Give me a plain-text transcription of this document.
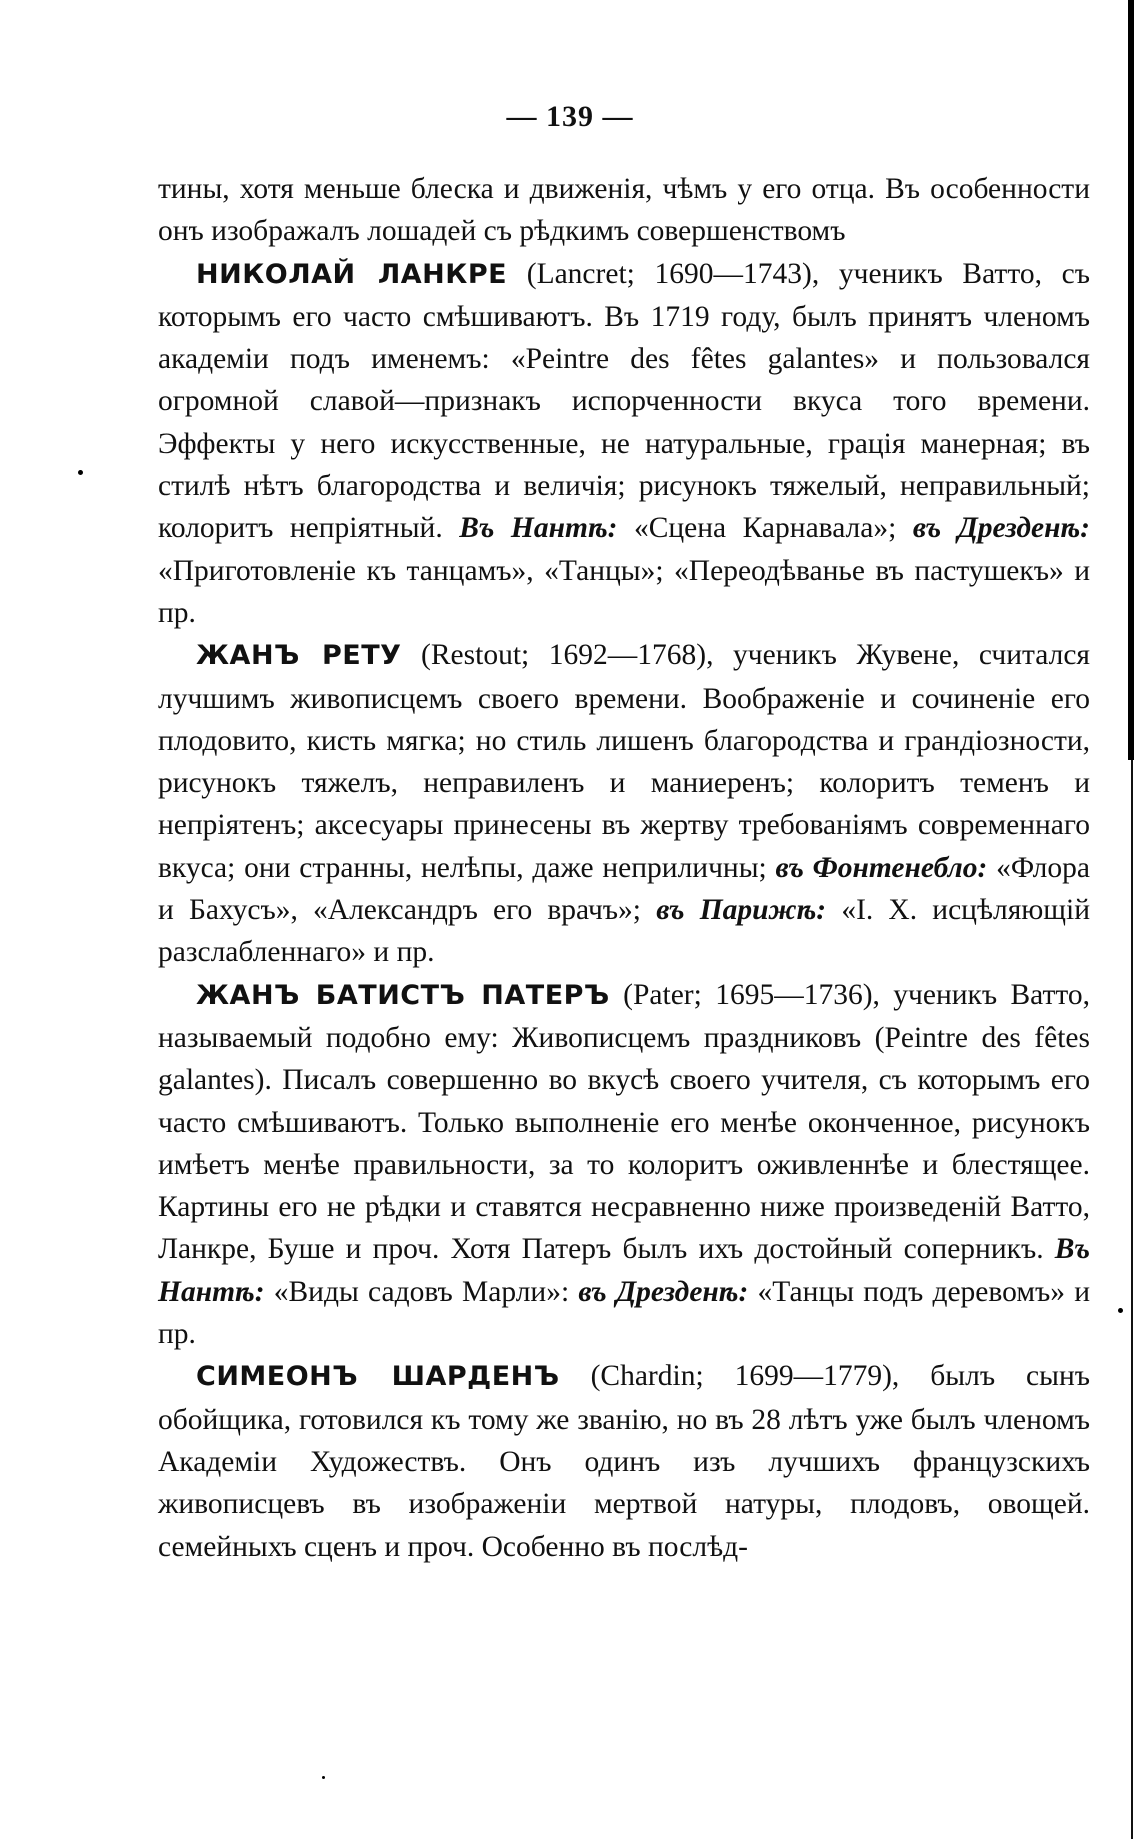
— 139 —

тины, хотя меньше блеска и движенія, чѣмъ у его отца. Въ особенности онъ изображалъ лошадей съ рѣдкимъ совершенствомъ

НИКОЛАЙ ЛАНКРЕ (Lancret; 1690—1743), ученикъ Ватто, съ которымъ его часто смѣшиваютъ. Въ 1719 году, былъ принятъ членомъ академіи подъ именемъ: «Peintre des fêtes galantes» и пользовался огромной славой—признакъ испорченности вкуса того времени. Эффекты у него искусственные, не натуральные, грація манерная; въ стилѣ нѣтъ благородства и величія; рисунокъ тяжелый, неправильный; колоритъ непріятный. Въ Нантѣ: «Сцена Карнавала»; въ Дрезденѣ: «Приготовленіе къ танцамъ», «Танцы»; «Переодѣванье въ пастушекъ» и пр.

ЖАНЪ РЕТУ (Restout; 1692—1768), ученикъ Жувене, считался лучшимъ живописцемъ своего времени. Воображеніе и сочиненіе его плодовито, кисть мягка; но стиль лишенъ благородства и грандіозности, рисунокъ тяжелъ, неправиленъ и маниеренъ; колоритъ теменъ и непріятенъ; аксесуары принесены въ жертву требованіямъ современнаго вкуса; они странны, нелѣпы, даже неприличны; въ Фонтенебло: «Флора и Бахусъ», «Александръ его врачъ»; въ Парижѣ: «І. Х. исцѣляющій разслабленнаго» и пр.

ЖАНЪ БАТИСТЪ ПАТЕРЪ (Pater; 1695—1736), ученикъ Ватто, называемый подобно ему: Живописцемъ праздниковъ (Peintre des fêtes galantes). Писалъ совершенно во вкусѣ своего учителя, съ которымъ его часто смѣшиваютъ. Только выполненіе его менѣе оконченное, рисунокъ имѣетъ менѣе правильности, за то колоритъ оживленнѣе и блестящее. Картины его не рѣдки и ставятся несравненно ниже произведеній Ватто, Ланкре, Буше и проч. Хотя Патеръ былъ ихъ достойный соперникъ. Въ Нантѣ: «Виды садовъ Марли»: въ Дрезденѣ: «Танцы подъ деревомъ» и пр.

СИМЕОНЪ ШАРДЕНЪ (Chardin; 1699—1779), былъ сынъ обойщика, готовился къ тому же званію, но въ 28 лѣтъ уже былъ членомъ Академіи Художествъ. Онъ одинъ изъ лучшихъ французскихъ живописцевъ въ изображеніи мертвой натуры, плодовъ, овощей. семейныхъ сценъ и проч. Особенно въ послѣд-
